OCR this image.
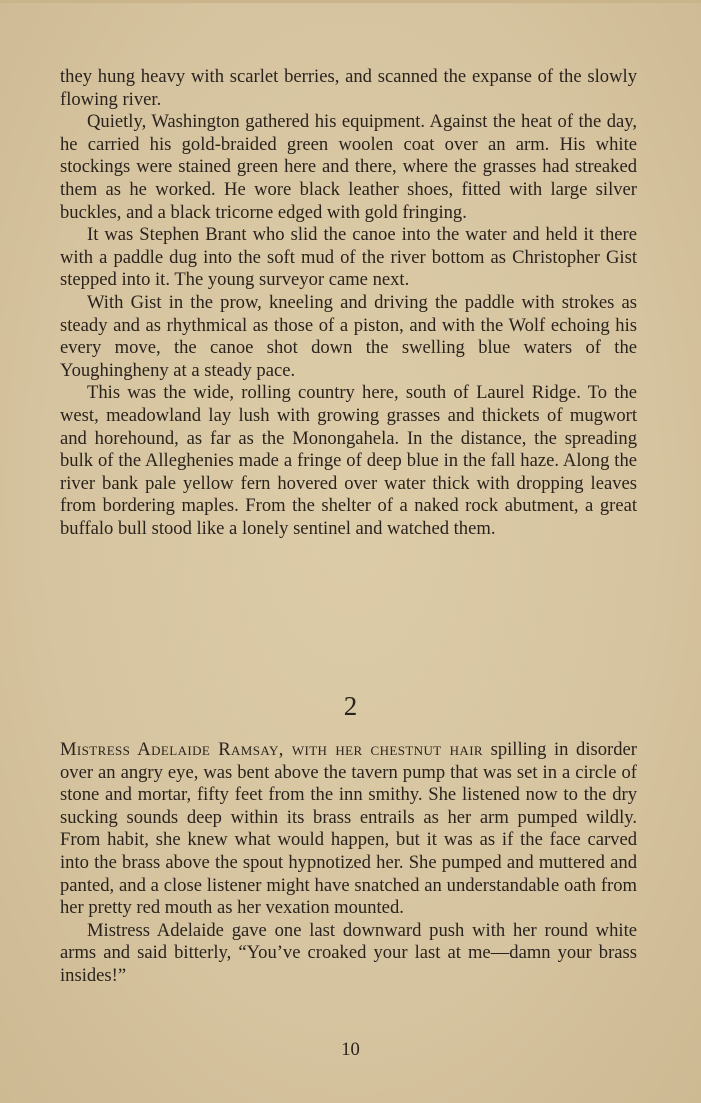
they hung heavy with scarlet berries, and scanned the expanse of the slowly flowing river.

Quietly, Washington gathered his equipment. Against the heat of the day, he carried his gold-braided green woolen coat over an arm. His white stockings were stained green here and there, where the grasses had streaked them as he worked. He wore black leather shoes, fitted with large silver buckles, and a black tricorne edged with gold fringing.

It was Stephen Brant who slid the canoe into the water and held it there with a paddle dug into the soft mud of the river bottom as Christopher Gist stepped into it. The young surveyor came next.

With Gist in the prow, kneeling and driving the paddle with strokes as steady and as rhythmical as those of a piston, and with the Wolf echoing his every move, the canoe shot down the swelling blue waters of the Youghingheny at a steady pace.

This was the wide, rolling country here, south of Laurel Ridge. To the west, meadowland lay lush with growing grasses and thickets of mugwort and horehound, as far as the Monongahela. In the distance, the spreading bulk of the Alleghenies made a fringe of deep blue in the fall haze. Along the river bank pale yellow fern hovered over water thick with dropping leaves from bordering maples. From the shelter of a naked rock abutment, a great buffalo bull stood like a lonely sentinel and watched them.

2

Mistress Adelaide Ramsay, with her chestnut hair spilling in disorder over an angry eye, was bent above the tavern pump that was set in a circle of stone and mortar, fifty feet from the inn smithy. She listened now to the dry sucking sounds deep within its brass entrails as her arm pumped wildly. From habit, she knew what would happen, but it was as if the face carved into the brass above the spout hypnotized her. She pumped and muttered and panted, and a close listener might have snatched an understandable oath from her pretty red mouth as her vexation mounted.

Mistress Adelaide gave one last downward push with her round white arms and said bitterly, “You’ve croaked your last at me—damn your brass insides!”

10
